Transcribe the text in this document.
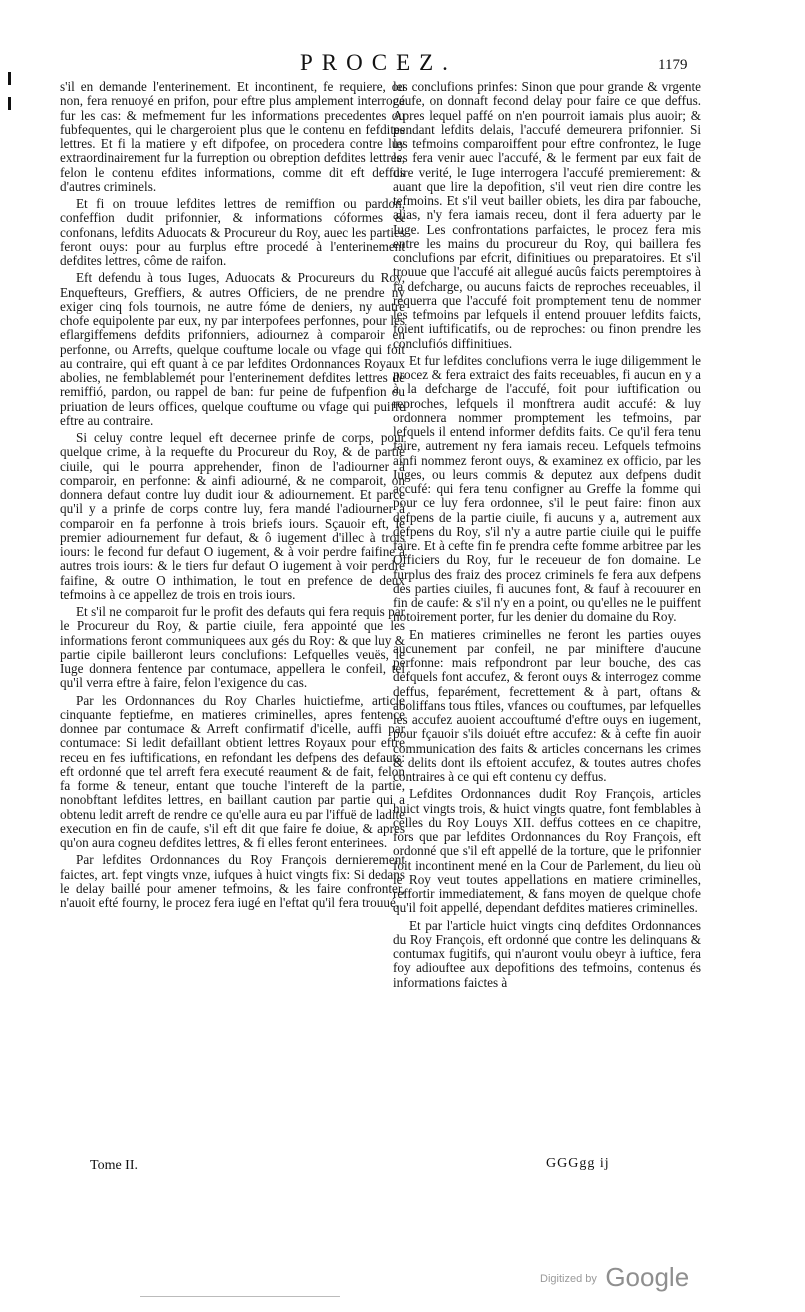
PROCEZ.	1179

s'il en demande l'enterinement. Et incontinent, fe requiere, ou non, fera renuoyé en prifon, pour eftre plus amplement interrogé fur les cas: & mefmement fur les informations precedentes ou fubfequentes, qui le chargeroient plus que le contenu en fefdites lettres. Et fi la matiere y eft difpofee, on procedera contre luy extraordinairement fur la furreption ou obreption defdites lettres, felon le contenu efdites informations, comme dit eft deffus d'autres criminels.

Et fi on trouue lefdites lettres de remiffion ou pardon, confeffion dudit prifonnier, & informations cóformes & confonans, lefdits Aduocats & Procureur du Roy, auec les parties feront ouys: pour au furplus eftre procedé à l'enterinement defdites lettres, côme de raifon.

Eft defendu à tous Iuges, Aduocats & Procureurs du Roy, Enquefteurs, Greffiers, & autres Officiers, de ne prendre ny exiger cinq fols tournois, ne autre fóme de deniers, ny autre chofe equipolente par eux, ny par interpofees perfonnes, pour les eflargiffemens defdits prifonniers, adiournez à comparoir en perfonne, ou Arrefts, quelque couftume locale ou vfage qui foit au contraire, qui eft quant à ce par lefdites Ordonnances Royaux abolies, ne femblablemét pour l'enterinement defdites lettres de remiffió, pardon, ou rappel de ban: fur peine de fufpenfion ou priuation de leurs offices, quelque couftume ou vfage qui puiffe eftre au contraire.

Si celuy contre lequel eft decernee prinfe de corps, pour quelque crime, à la requefte du Procureur du Roy, & de partie ciuile, qui le pourra apprehender, finon de l'adiourner à comparoir, en perfonne: & ainfi adiourné, & ne comparoit, on donnera defaut contre luy dudit iour & adiournement. Et parce qu'il y a prinfe de corps contre luy, fera mandé l'adiourner à comparoir en fa perfonne à trois briefs iours. Sçauoir eft, le premier adiournement fur defaut, & ô iugement d'illec à trois iours: le fecond fur defaut O iugement, & à voir perdre faifine à autres trois iours: & le tiers fur defaut O iugement à voir perdre faifine, & outre O inthimation, le tout en prefence de deux tefmoins à ce appellez de trois en trois iours.

Et s'il ne comparoit fur le profit des defauts qui fera requis par le Procureur du Roy, & partie ciuile, fera appointé que les informations feront communiquees aux gés du Roy: & que luy & partie cipile bailleront leurs conclufions: Lefquelles veuës, le Iuge donnera fentence par contumace, appellera le confeil, tel qu'il verra eftre à faire, felon l'exigence du cas.

Par les Ordonnances du Roy Charles huictiefme, article cinquante feptiefme, en matieres criminelles, apres fentence donnee par contumace & Arreft confirmatif d'icelle, auffi par contumace: Si ledit defaillant obtient lettres Royaux pour eftre receu en fes iuftifications, en refondant les defpens des defauts: eft ordonné que tel arreft fera executé reaument & de fait, felon fa forme & teneur, entant que touche l'intereft de la partie, nonobftant lefdites lettres, en baillant caution par partie qui a obtenu ledit arreft de rendre ce qu'elle aura eu par l'iffuë de ladite execution en fin de caufe, s'il eft dit que faire fe doiue, & apres qu'on aura cogneu defdites lettres, & fi elles feront enterinees.

Par lefdites Ordonnances du Roy François dernierement faictes, art. fept vingts vnze, iufques à huict vingts fix: Si dedans le delay baillé pour amener tefmoins, & les faire confronter, n'auoit efté fourny, le procez fera iugé en l'eftat qu'il fera trouué,

les conclufions prinfes: Sinon que pour grande & vrgente caufe, on donnaft fecond delay pour faire ce que deffus. Apres lequel paffé on n'en pourroit iamais plus auoir; & pendant lefdits delais, l'accufé demeurera prifonnier. Si les tefmoins comparoiffent pour eftre confrontez, le Iuge les fera venir auec l'accufé, & le ferment par eux fait de dire verité, le Iuge interrogera l'accufé premierement: & auant que lire la depofition, s'il veut rien dire contre les tefmoins. Et s'il veut bailler obiets, les dira par fabouche, alias, n'y fera iamais receu, dont il fera aduerty par le Iuge. Les confrontations parfaictes, le procez fera mis entre les mains du procureur du Roy, qui baillera fes conclufions par efcrit, difinitiues ou preparatoires. Et s'il trouue que l'accufé ait allegué aucûs faicts peremptoires à fa defcharge, ou aucuns faicts de reproches receuables, il requerra que l'accufé foit promptement tenu de nommer les tefmoins par lefquels il entend prouuer lefdits faicts, foient iuftificatifs, ou de reproches: ou finon prendre les conclufiós diffinitiues.

Et fur lefdites conclufions verra le iuge diligemment le procez & fera extraict des faits receuables, fi aucun en y a à la defcharge de l'accufé, foit pour iuftification ou reproches, lefquels il monftrera audit accufé: & luy ordonnera nommer promptement les tefmoins, par lefquels il entend informer defdits faits. Ce qu'il fera tenu faire, autrement ny fera iamais receu. Lefquels tefmoins ainfi nommez feront ouys, & examinez ex officio, par les Iuges, ou leurs commis & deputez aux defpens dudit accufé: qui fera tenu configner au Greffe la fomme qui pour ce luy fera ordonnee, s'il le peut faire: finon aux defpens de la partie ciuile, fi aucuns y a, autrement aux defpens du Roy, s'il n'y a autre partie ciuile qui le puiffe faire. Et à cefte fin fe prendra cefte fomme arbitree par les Officiers du Roy, fur le receueur de fon domaine. Le furplus des fraiz des procez criminels fe fera aux defpens des parties ciuiles, fi aucunes font, & fauf à recouurer en fin de caufe: & s'il n'y en a point, ou qu'elles ne le puiffent notoirement porter, fur les denier du domaine du Roy.

En matieres criminelles ne feront les parties ouyes aucunement par confeil, ne par miniftere d'aucune perfonne: mais refpondront par leur bouche, des cas defquels font accufez, & feront ouys & interrogez comme deffus, feparément, fecrettement & à part, oftans & aboliffans tous ftiles, vfances ou couftumes, par lefquelles les accufez auoient accouftumé d'eftre ouys en iugement, pour fçauoir s'ils doiuét eftre accufez: & à cefte fin auoir communication des faits & articles concernans les crimes & delits dont ils eftoient accufez, & toutes autres chofes contraires à ce qui eft contenu cy deffus.

Lefdites Ordonnances dudit Roy François, articles huict vingts trois, & huict vingts quatre, font femblables à celles du Roy Louys XII. deffus cottees en ce chapitre, fors que par lefdites Ordonnances du Roy François, eft ordonné que s'il eft appellé de la torture, que le prifonnier foit incontinent mené en la Cour de Parlement, du lieu où le Roy veut toutes appellations en matiere criminelles, reffortir immediatement, & fans moyen de quelque chofe qu'il foit appellé, dependant defdites matieres criminelles.

Et par l'article huict vingts cinq defdites Ordonnances du Roy François, eft ordonné que contre les delinquans & contumax fugitifs, qui n'auront voulu obeyr à iuftice, fera foy adiouftee aux depofitions des tefmoins, contenus és informations faictes à

Tome II.	GGGgg ij
$^{Digitized by}$ Google
